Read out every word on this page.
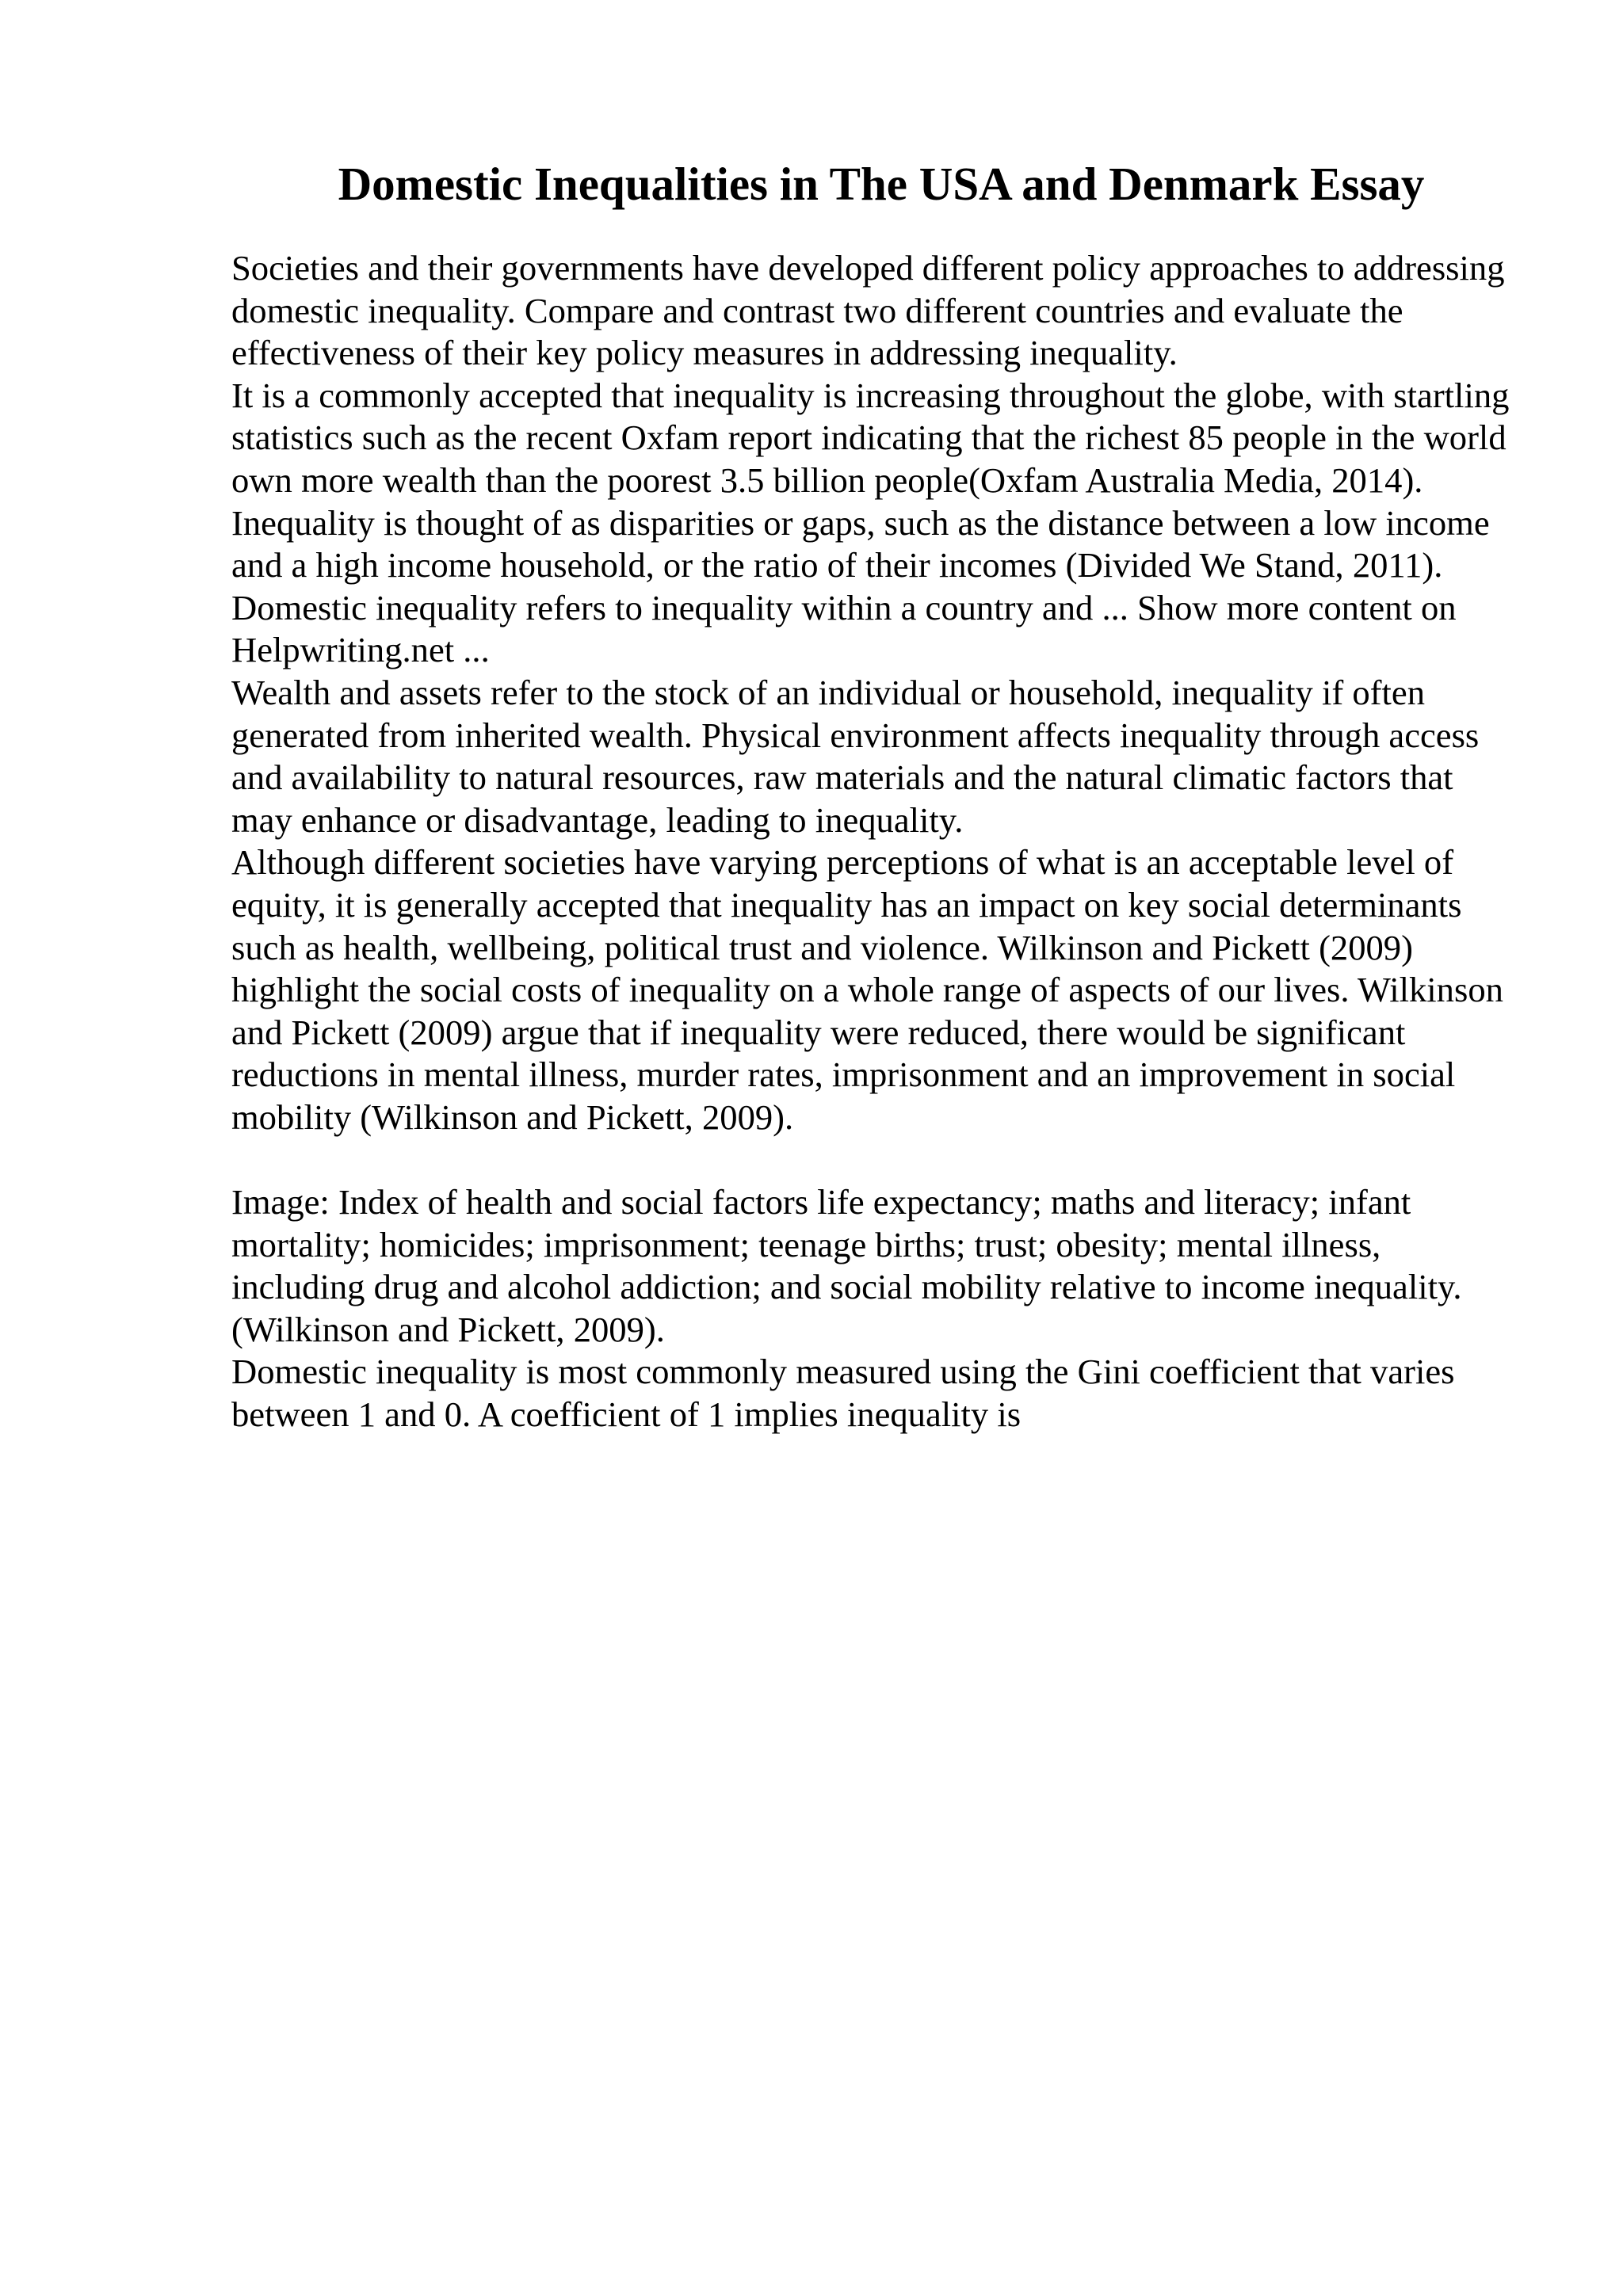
Domestic Inequalities in The USA and Denmark Essay

Societies and their governments have developed different policy approaches to addressing domestic inequality. Compare and contrast two different countries and evaluate the effectiveness of their key policy measures in addressing inequality.

It is a commonly accepted that inequality is increasing throughout the globe, with startling statistics such as the recent Oxfam report indicating that the richest 85 people in the world own more wealth than the poorest 3.5 billion people(Oxfam Australia Media, 2014). Inequality is thought of as disparities or gaps, such as the distance between a low income and a high income household, or the ratio of their incomes (Divided We Stand, 2011). Domestic inequality refers to inequality within a country and ... Show more content on Helpwriting.net ...

Wealth and assets refer to the stock of an individual or household, inequality if often generated from inherited wealth. Physical environment affects inequality through access and availability to natural resources, raw materials and the natural climatic factors that may enhance or disadvantage, leading to inequality.

Although different societies have varying perceptions of what is an acceptable level of equity, it is generally accepted that inequality has an impact on key social determinants such as health, wellbeing, political trust and violence. Wilkinson and Pickett (2009) highlight the social costs of inequality on a whole range of aspects of our lives. Wilkinson and Pickett (2009) argue that if inequality were reduced, there would be significant reductions in mental illness, murder rates, imprisonment and an improvement in social mobility (Wilkinson and Pickett, 2009).

Image: Index of health and social factors life expectancy; maths and literacy; infant mortality; homicides; imprisonment; teenage births; trust; obesity; mental illness, including drug and alcohol addiction; and social mobility relative to income inequality. (Wilkinson and Pickett, 2009).

Domestic inequality is most commonly measured using the Gini coefficient that varies between 1 and 0. A coefficient of 1 implies inequality is
